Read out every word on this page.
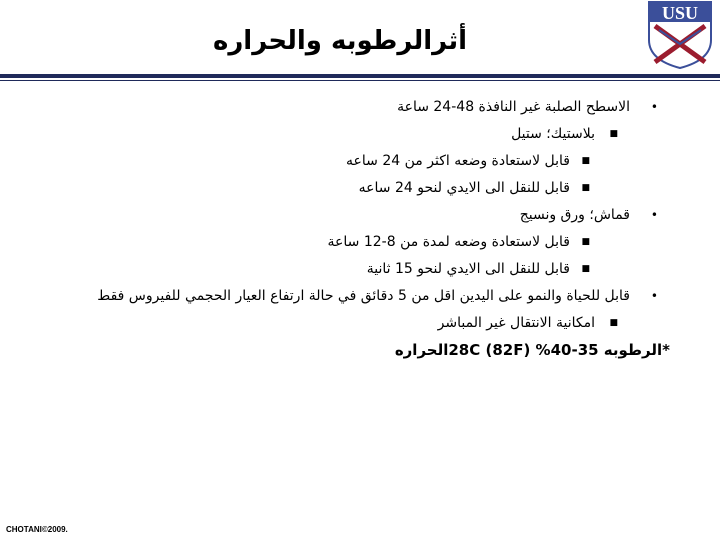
أثرالرطوبه والحراره
USU
•
الاسطح الصلبة غير النافذة 48-24 ساعة
■
بلاستيك؛ ستيل
■
قابل لاستعادة وضعه اكثر من 24 ساعه
■
قابل للنقل الى الايدي لنحو 24 ساعه
•
قماش؛ ورق ونسيج
■
قابل لاستعادة وضعه لمدة من 8-12 ساعة
■
قابل للنقل الى الايدي لنحو 15 ثانية
•
قابل للحياة والنمو على اليدين اقل من 5 دقائق في حالة ارتفاع العيار الحجمي للفيروس فقط
■
امكانية الانتقال غير المباشر
*الرطوبه 35-40% (82F) 28Cالحراره
CHOTANI©2009.
